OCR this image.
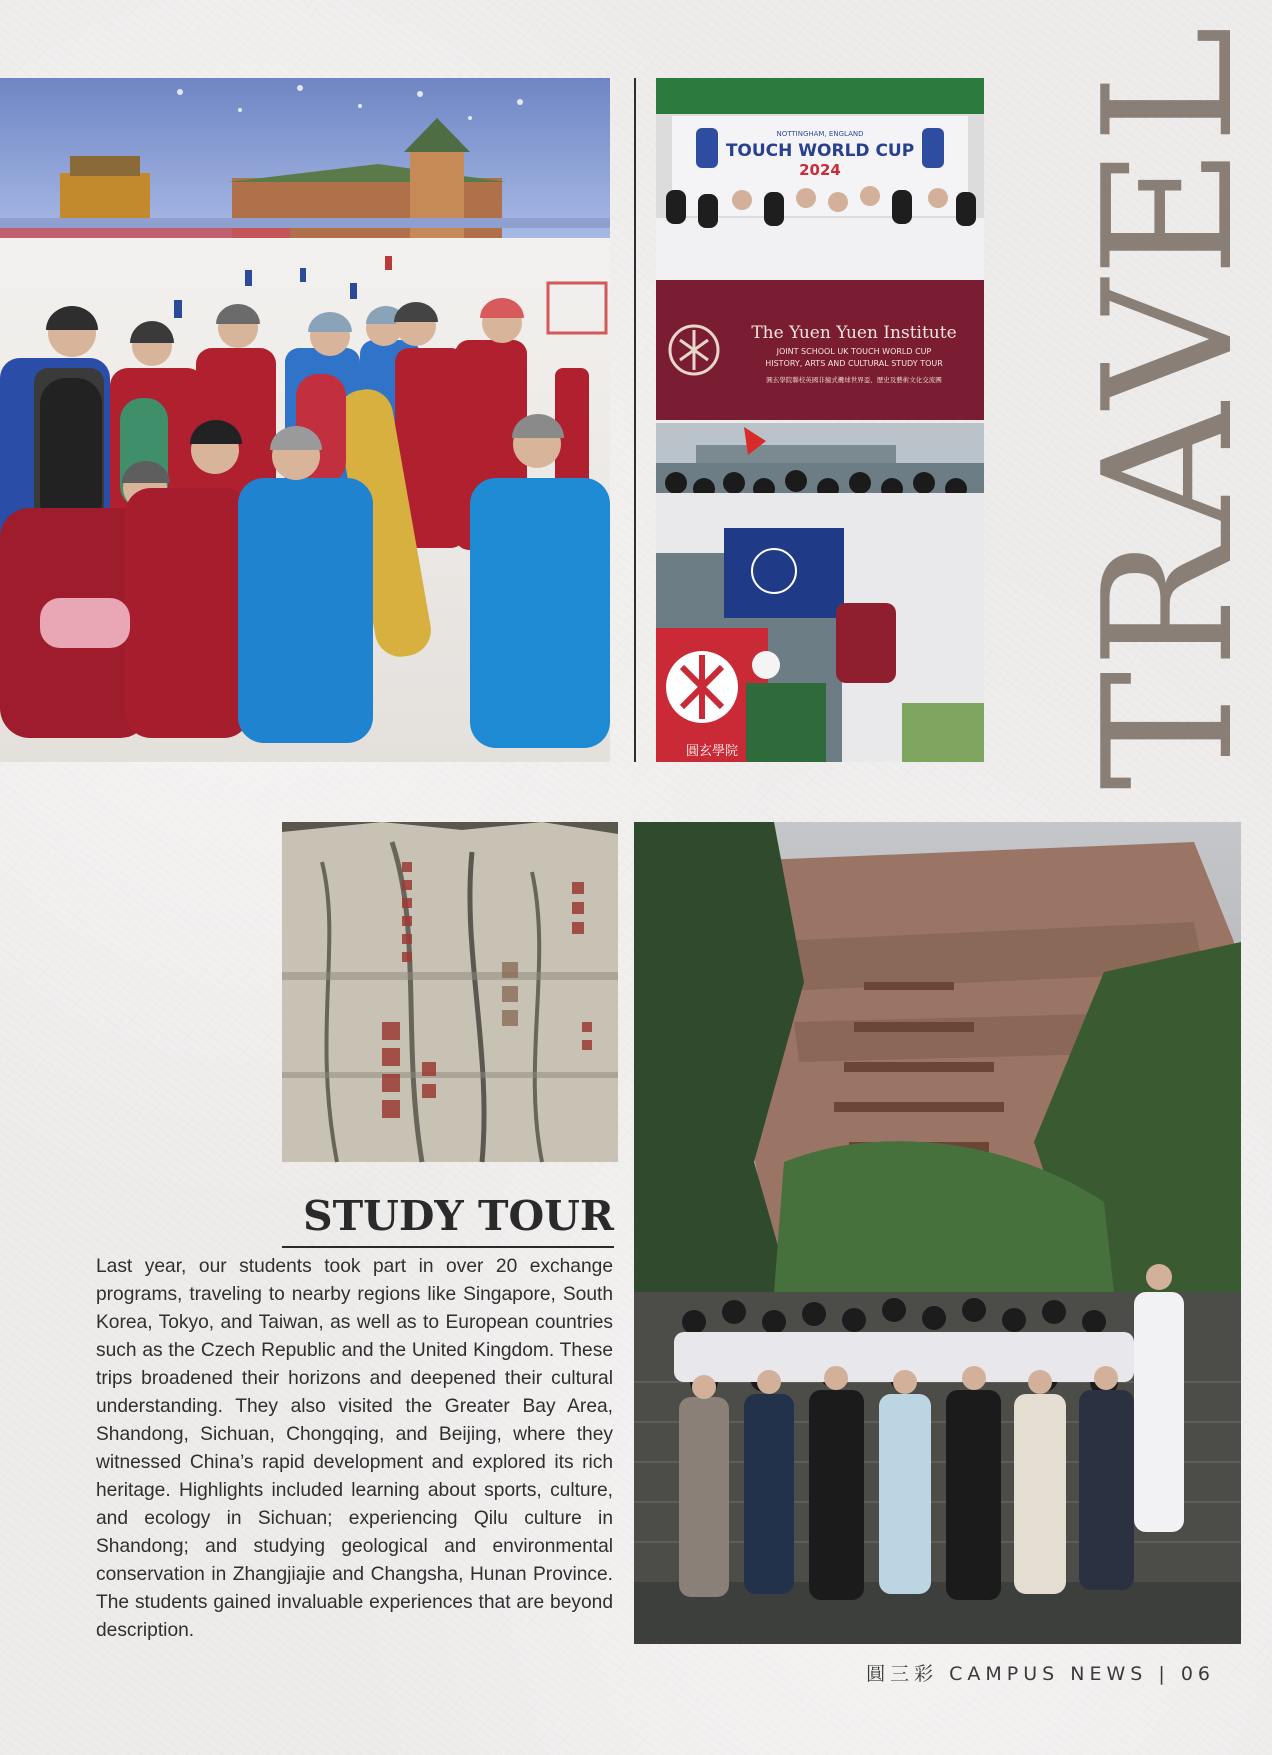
NOTTINGHAM, ENGLAND
TOUCH WORLD CUP
2024
The Yuen Yuen Institute
JOINT SCHOOL UK TOUCH WORLD CUP
HISTORY, ARTS AND CULTURAL STUDY TOUR
圓玄學院聯校英國非撞式欖球世界盃、歷史及藝術文化交流團
圓玄學院 TRAVEL
STUDY TOUR

Last year, our students took part in over 20 exchange programs, traveling to nearby regions like Singapore, South Korea, Tokyo, and Taiwan, as well as to European countries such as the Czech Republic and the United Kingdom. These trips broadened their horizons and deepened their cultural understanding. They also visited the Greater Bay Area, Shandong, Sichuan, Chongqing, and Beijing, where they witnessed China’s rapid development and explored its rich heritage. Highlights included learning about sports, culture, and ecology in Sichuan; experiencing Qilu culture in Shandong; and studying geological and environmental conservation in Zhangjiajie and Changsha, Hunan Province. The students gained invaluable experiences that are beyond description.

圓三彩 CAMPUS NEWS | 06
